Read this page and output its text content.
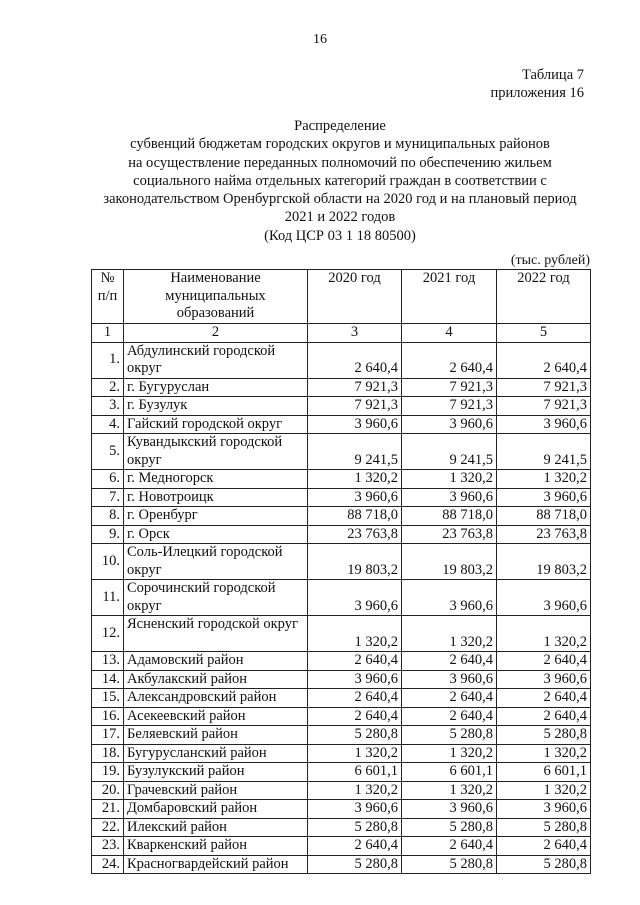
16
Таблица 7
приложения 16
Распределение
субвенций бюджетам городских округов и муниципальных районов
на осуществление переданных полномочий по обеспечению жильем
социального найма отдельных категорий граждан в соответствии с
законодательством Оренбургской области на 2020 год и на плановый период
2021 и 2022 годов
(Код ЦСР 03 1 18 80500)
(тыс. рублей)
№ п/п	Наименование муниципальных образований	2020 год	2021 год	2022 год
1	2	3	4	5
1.	Абдулинский городской округ	2 640,4	2 640,4	2 640,4
2.	г. Бугуруслан	7 921,3	7 921,3	7 921,3
3.	г. Бузулук	7 921,3	7 921,3	7 921,3
4.	Гайский городской округ	3 960,6	3 960,6	3 960,6
5.	Кувандыкский городской округ	9 241,5	9 241,5	9 241,5
6.	г. Медногорск	1 320,2	1 320,2	1 320,2
7.	г. Новотроицк	3 960,6	3 960,6	3 960,6
8.	г. Оренбург	88 718,0	88 718,0	88 718,0
9.	г. Орск	23 763,8	23 763,8	23 763,8
10.	Соль-Илецкий городской округ	19 803,2	19 803,2	19 803,2
11.	Сорочинский городской округ	3 960,6	3 960,6	3 960,6
12.	Ясненский городской округ	1 320,2	1 320,2	1 320,2
13.	Адамовский район	2 640,4	2 640,4	2 640,4
14.	Акбулакский район	3 960,6	3 960,6	3 960,6
15.	Александровский район	2 640,4	2 640,4	2 640,4
16.	Асекеевский район	2 640,4	2 640,4	2 640,4
17.	Беляевский район	5 280,8	5 280,8	5 280,8
18.	Бугурусланский район	1 320,2	1 320,2	1 320,2
19.	Бузулукский район	6 601,1	6 601,1	6 601,1
20.	Грачевский район	1 320,2	1 320,2	1 320,2
21.	Домбаровский район	3 960,6	3 960,6	3 960,6
22.	Илекский район	5 280,8	5 280,8	5 280,8
23.	Кваркенский район	2 640,4	2 640,4	2 640,4
24.	Красногвардейский район	5 280,8	5 280,8	5 280,8
